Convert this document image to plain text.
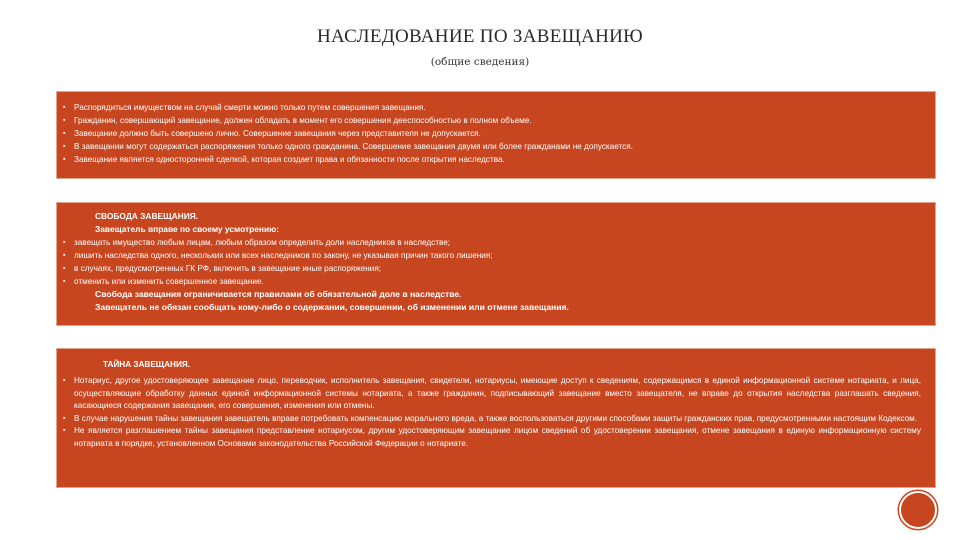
НАСЛЕДОВАНИЕ ПО ЗАВЕЩАНИЮ
(общие сведения)
▪ Распорядиться имуществом на случай смерти можно только путем совершения завещания.
▪ Гражданин, совершающий завещание, должен обладать в момент его совершения дееспособностью в полном объеме.
▪ Завещание должно быть совершено лично. Совершение завещания через представителя не допускается.
▪ В завещании могут содержаться распоряжения только одного гражданина. Совершение завещания двумя или более гражданами не допускается.
▪ Завещание является односторонней сделкой, которая создает права и обязанности после открытия наследства.
СВОБОДА ЗАВЕЩАНИЯ.
Завещатель вправе по своему усмотрению:
▪ завещать имущество любым лицам, любым образом определить доли наследников в наследстве;
▪ лишить наследства одного, нескольких или всех наследников по закону, не указывая причин такого лишения;
▪ в случаях, предусмотренных ГК РФ, включить в завещание иные распоряжения;
▪ отменить или изменить совершенное завещание.
Свобода завещания ограничивается правилами об обязательной доле в наследстве.
Завещатель не обязан сообщать кому-либо о содержании, совершении, об изменении или отмене завещания.
ТАЙНА ЗАВЕЩАНИЯ.
▪ Нотариус, другое удостоверяющее завещание лицо, переводчик, исполнитель завещания, свидетели, нотариусы, имеющие доступ к сведениям, содержащимся в единой информационной системе нотариата, и лица, осуществляющие обработку данных единой информационной системы нотариата, а также гражданин, подписывающий завещание вместо завещателя, не вправе до открытия наследства разглашать сведения, касающиеся содержания завещания, его совершения, изменения или отмены.
▪ В случае нарушения тайны завещания завещатель вправе потребовать компенсацию морального вреда, а также воспользоваться другими способами защиты гражданских прав, предусмотренными настоящим Кодексом.
▪ Не является разглашением тайны завещания представление нотариусом, другим удостоверяющим завещание лицом сведений об удостоверении завещания, отмене завещания в единую информационную систему нотариата в порядке, установленном Основами законодательства Российской Федерации о нотариате.
